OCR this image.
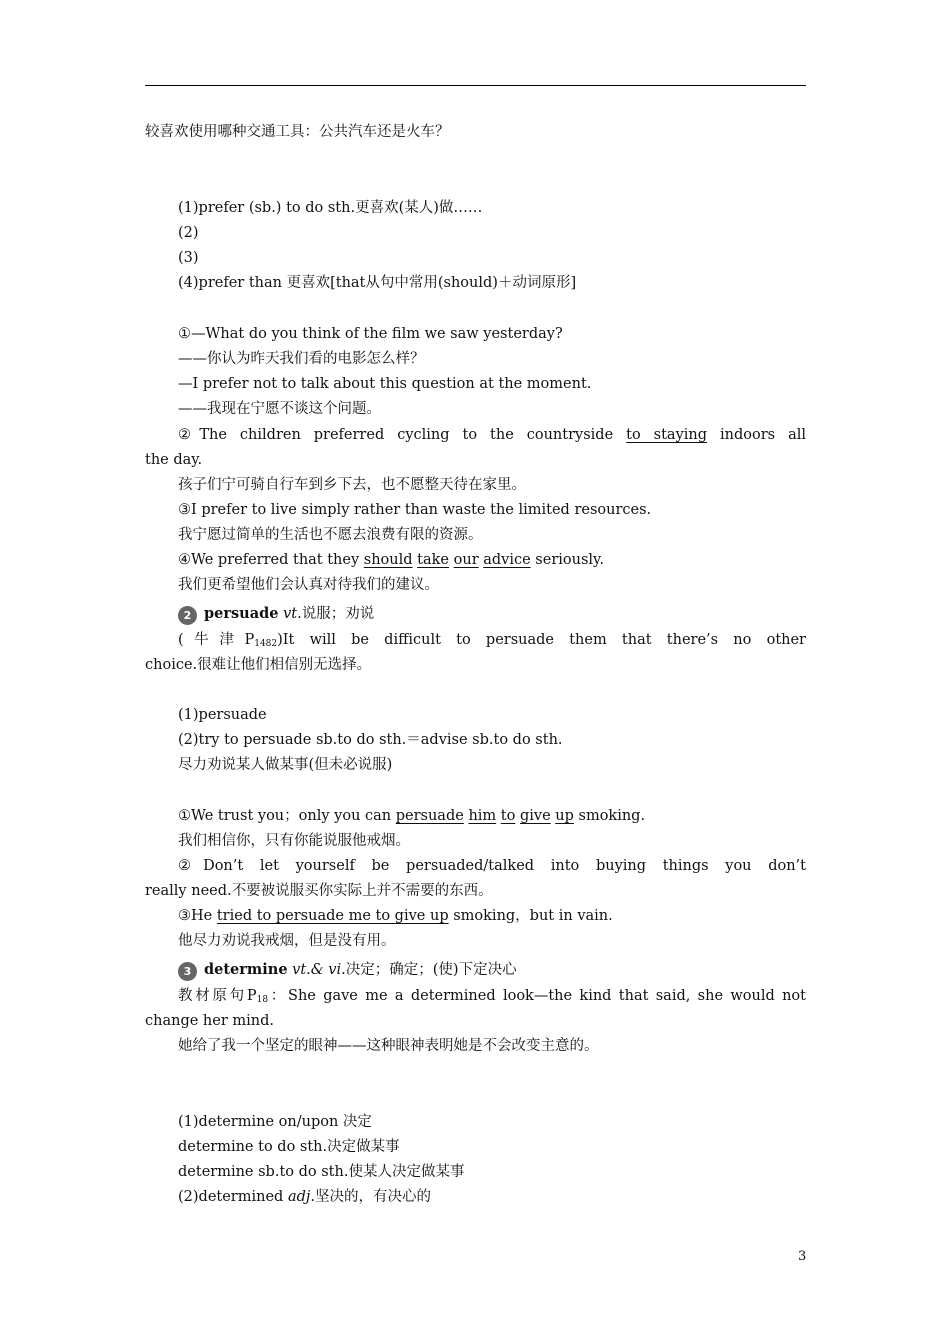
较喜欢使用哪种交通工具：公共汽车还是火车？
(1)prefer (sb.) to do sth.更喜欢(某人)做……
(2)
(3)
(4)prefer than 更喜欢[that从句中常用(should)＋动词原形]
①—What do you think of the film we saw yesterday?
——你认为昨天我们看的电影怎么样？
—I prefer not to talk about this question at the moment.
——我现在宁愿不谈这个问题。
②The children preferred cycling to the countryside to staying indoors all
the day.
孩子们宁可骑自行车到乡下去，也不愿整天待在家里。
③I prefer to live simply rather than waste the limited resources.
我宁愿过简单的生活也不愿去浪费有限的资源。
④We preferred that they should take our advice seriously.
我们更希望他们会认真对待我们的建议。
2 persuade vt.说服；劝说
(牛津$P_{1482})It$ will be difficult to persuade them that there’s no other
choice.很难让他们相信别无选择。
(1)persuade
(2)try to persuade sb.to do sth.＝advise sb.to do sth.
尽力劝说某人做某事(但未必说服)
①We trust you；only you can persuade him to give up smoking.
我们相信你，只有你能说服他戒烟。
②Don’t let yourself be persuaded/talked into buying things you don’t
really need.不要被说服买你实际上并不需要的东西。
③He tried to persuade me to give up smoking，but in vain.
他尽力劝说我戒烟，但是没有用。
3 determine vt.& vi.决定；确定；(使)下定决心
教材原句$P_{18}$：She gave me a determined look—the kind that said, she would not
change her mind.
她给了我一个坚定的眼神——这种眼神表明她是不会改变主意的。
(1)determine on/upon 决定
determine to do sth.决定做某事
determine sb.to do sth.使某人决定做某事
(2)determined adj.坚决的，有决心的
3
